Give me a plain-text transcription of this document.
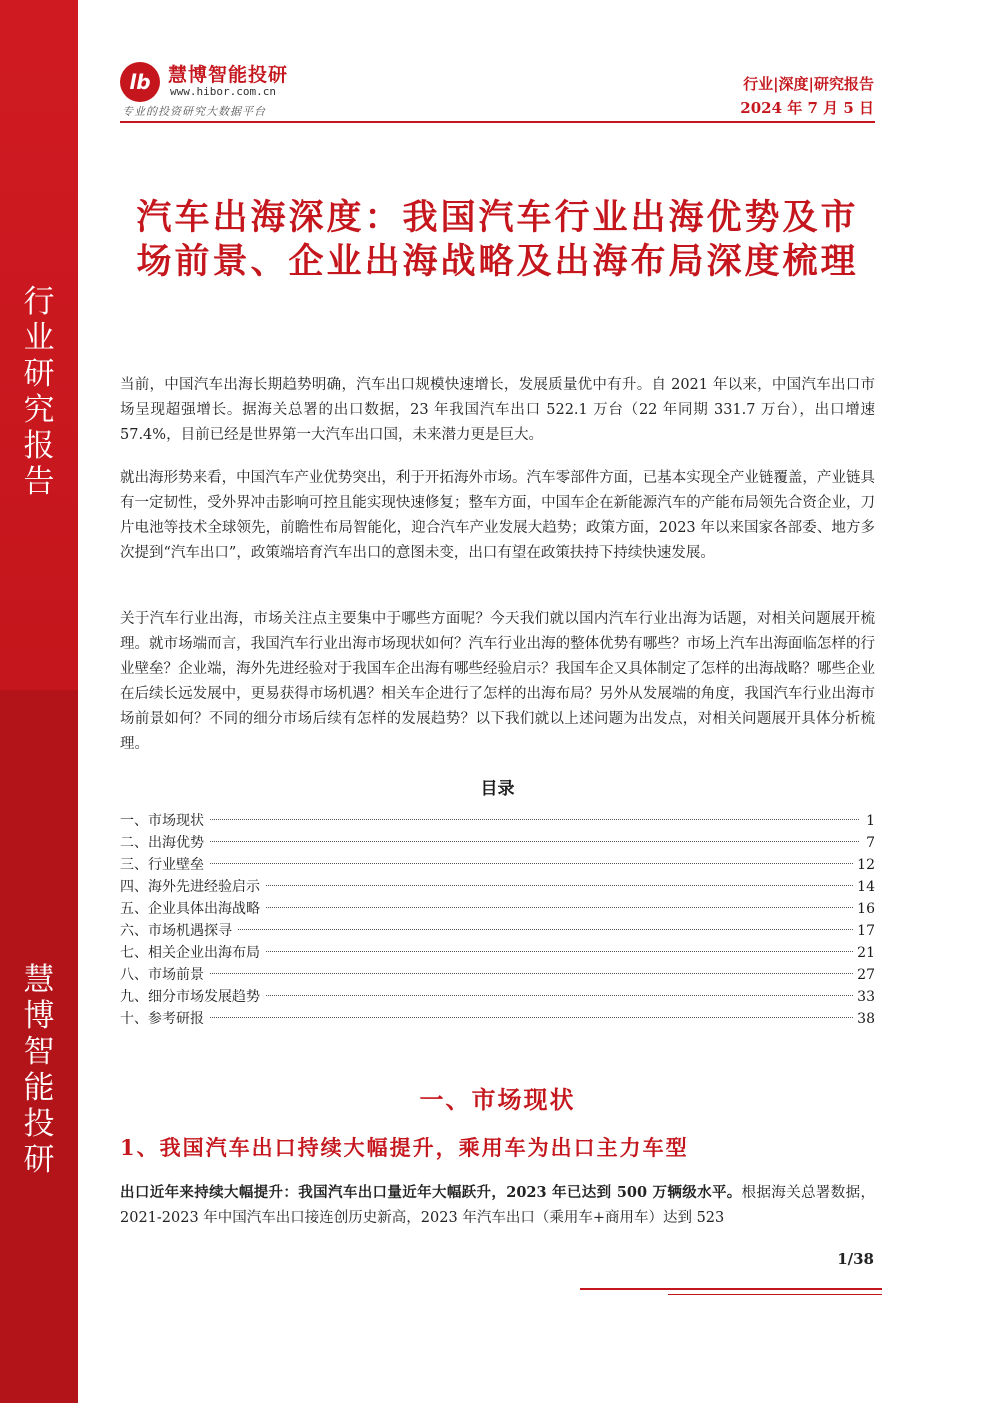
行业研究报告
慧博智能投研
lb 慧博智能投研
www.hibor.com.cn
专业的投资研究大数据平台
行业|深度|研究报告
2024 年 7 月 5 日
汽车出海深度：我国汽车行业出海优势及市
场前景、企业出海战略及出海布局深度梳理

当前，中国汽车出海长期趋势明确，汽车出口规模快速增长，发展质量优中有升。自 2021 年以来，中国汽车出口市场呈现超强增长。据海关总署的出口数据，23 年我国汽车出口 522.1 万台（22 年同期 331.7 万台），出口增速 57.4%，目前已经是世界第一大汽车出口国，未来潜力更是巨大。

就出海形势来看，中国汽车产业优势突出，利于开拓海外市场。汽车零部件方面，已基本实现全产业链覆盖，产业链具有一定韧性，受外界冲击影响可控且能实现快速修复；整车方面，中国车企在新能源汽车的产能布局领先合资企业，刀片电池等技术全球领先，前瞻性布局智能化，迎合汽车产业发展大趋势；政策方面，2023 年以来国家各部委、地方多次提到“汽车出口”，政策端培育汽车出口的意图未变，出口有望在政策扶持下持续快速发展。

关于汽车行业出海，市场关注点主要集中于哪些方面呢？今天我们就以国内汽车行业出海为话题，对相关问题展开梳理。就市场端而言，我国汽车行业出海市场现状如何？汽车行业出海的整体优势有哪些？市场上汽车出海面临怎样的行业壁垒？企业端，海外先进经验对于我国车企出海有哪些经验启示？我国车企又具体制定了怎样的出海战略？哪些企业在后续长远发展中，更易获得市场机遇？相关车企进行了怎样的出海布局？另外从发展端的角度，我国汽车行业出海市场前景如何？不同的细分市场后续有怎样的发展趋势？以下我们就以上述问题为出发点，对相关问题展开具体分析梳理。

目录
一、市场现状	1
二、出海优势	7
三、行业壁垒	12
四、海外先进经验启示	14
五、企业具体出海战略	16
六、市场机遇探寻	17
七、相关企业出海布局	21
八、市场前景	27
九、细分市场发展趋势	33
十、参考研报	38
一、市场现状
1、我国汽车出口持续大幅提升，乘用车为出口主力车型

出口近年来持续大幅提升：我国汽车出口量近年大幅跃升，2023 年已达到 500 万辆级水平。根据海关总署数据，2021-2023 年中国汽车出口接连创历史新高，2023 年汽车出口（乘用车+商用车）达到 523

1/38
